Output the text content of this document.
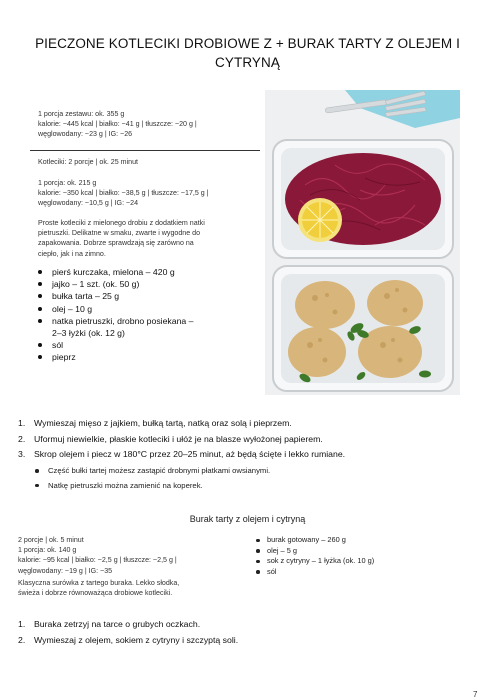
PIECZONE KOTLECIKI DROBIOWE Z + BURAK TARTY Z OLEJEM I CYTRYNĄ
1 porcja zestawu: ok. 355 g
kalorie: ~445 kcal | białko: ~41 g | tłuszcze: ~20 g |
węglowodany: ~23 g | IG: ~26
Kotleciki: 2 porcje | ok. 25 minut
1 porcja: ok. 215 g
kalorie: ~350 kcal | białko: ~38,5 g | tłuszcze: ~17,5 g |
węglowodany: ~10,5 g | IG: ~24
Proste kotleciki z mielonego drobiu z dodatkiem natki
pietruszki. Delikatne w smaku, zwarte i wygodne do
zapakowania. Dobrze sprawdzają się zarówno na
ciepło, jak i na zimno.
pierś kurczaka, mielona – 420 g
jajko – 1 szt. (ok. 50 g)
bułka tarta – 25 g
olej – 10 g
natka pietruszki, drobno posiekana –
2–3 łyżki (ok. 12 g)
sól
pieprz
1. Wymieszaj mięso z jajkiem, bułką tartą, natką oraz solą i pieprzem.
2. Uformuj niewielkie, płaskie kotleciki i ułóż je na blasze wyłożonej papierem.
3. Skrop olejem i piecz w 180°C przez 20–25 minut, aż będą ścięte i lekko rumiane.
Część bułki tartej możesz zastąpić drobnymi płatkami owsianymi.
Natkę pietruszki można zamienić na koperek.
Burak tarty z olejem i cytryną
2 porcje | ok. 5 minut
1 porcja: ok. 140 g
kalorie: ~95 kcal | białko: ~2,5 g | tłuszcze: ~2,5 g |
węglowodany: ~19 g | IG: ~35
Klasyczna surówka z tartego buraka. Lekko słodka,
świeża i dobrze równoważąca drobiowe kotleciki.
burak gotowany – 260 g
olej – 5 g
sok z cytryny – 1 łyżka (ok. 10 g)
sól
1. Buraka zetrzyj na tarce o grubych oczkach.
2. Wymieszaj z olejem, sokiem z cytryny i szczyptą soli.
7
